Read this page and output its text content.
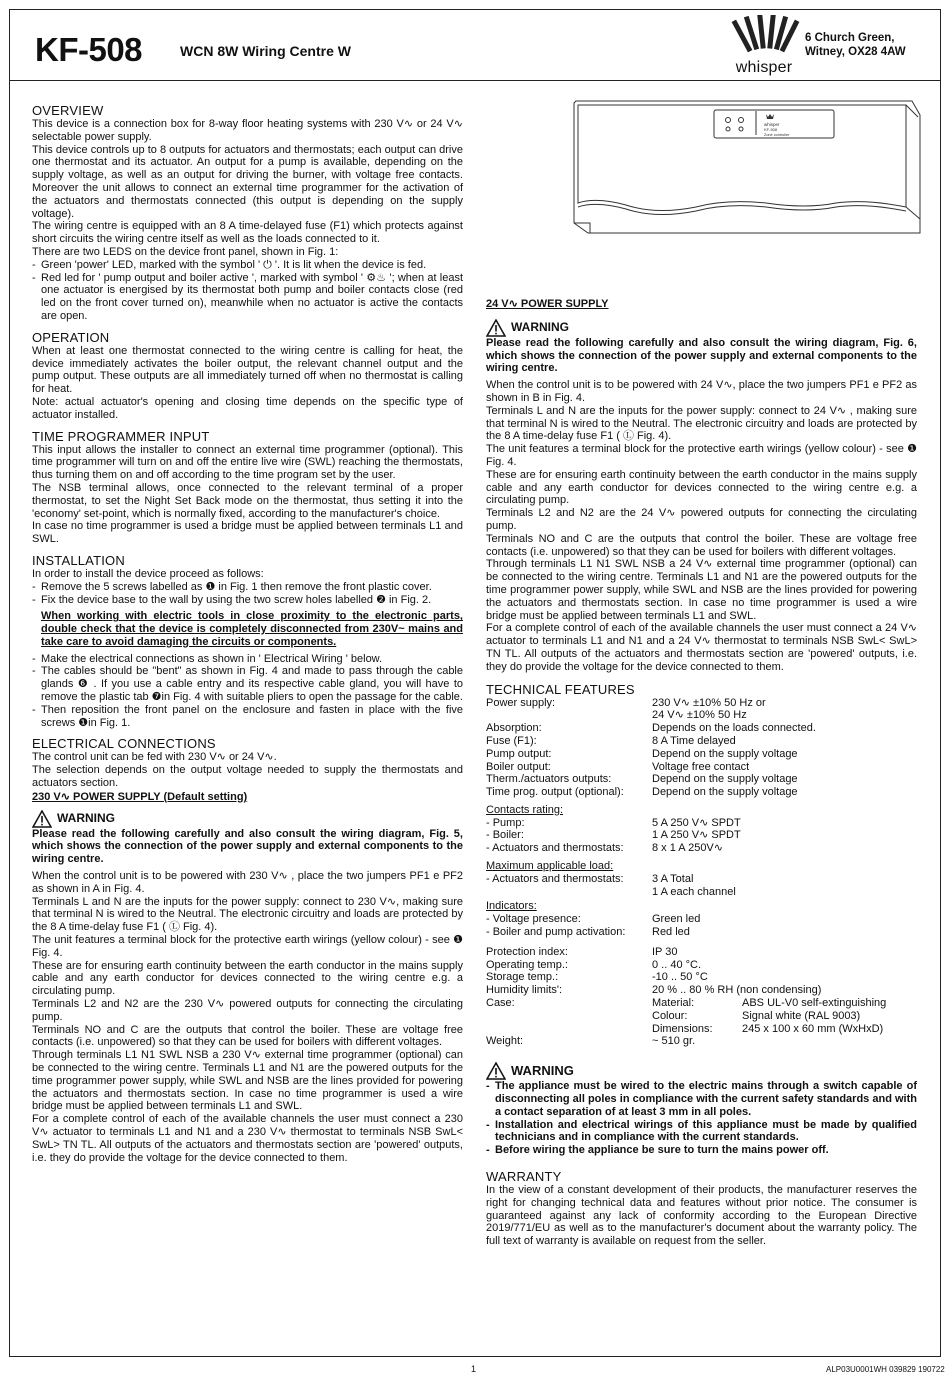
KF-508	WCN 8W Wiring Centre W
whisper
6 Church Green,
Witney, OX28 4AW
whisper
KF-508
Zone controller
OVERVIEW

This device is a connection box for 8-way floor heating systems with 230 V∿ or 24 V∿ selectable power supply.

This device controls up to 8 outputs for actuators and thermostats; each output can drive one thermostat and its actuator. An output for a pump is available, depending on the supply voltage, as well as an output for driving the burner, with voltage free contacts. Moreover the unit allows to connect an external time programmer for the activation of the actuators and thermostats connected (this output is depending on the supply voltage).

The wiring centre is equipped with an 8 A time-delayed fuse (F1) which protects against short circuits the wiring centre itself as well as the loads connected to it.

There are two LEDS on the device front panel, shown in Fig. 1:

- Green 'power' LED, marked with the symbol ' ⏻ '. It is lit when the device is fed.
- Red led for ' pump output and boiler active ', marked with symbol ' ⚙♨ '; when at least one actuator is energised by its thermostat both pump and boiler contacts close (red led on the front cover turned on), meanwhile when no actuator is active the contacts are open.
OPERATION

When at least one thermostat connected to the wiring centre is calling for heat, the device immediately activates the boiler output, the relevant channel output and the pump output. These outputs are all immediately turned off when no thermostat is calling for heat.

Note: actual actuator's opening and closing time depends on the specific type of actuator installed.

TIME PROGRAMMER INPUT

This input allows the installer to connect an external time programmer (optional). This time programmer will turn on and off the entire live wire (SWL) reaching the thermostats, thus turning them on and off according to the time program set by the user.

The NSB terminal allows, once connected to the relevant terminal of a proper thermostat, to set the Night Set Back mode on the thermostat, thus setting it into the 'economy' set-point, which is normally fixed, according to the manufacturer's choice.

In case no time programmer is used a bridge must be applied between terminals L1 and SWL.

INSTALLATION

In order to install the device proceed as follows:

- Remove the 5 screws labelled as ❶ in Fig. 1 then remove the front plastic cover.
- Fix the device base to the wall by using the two screw holes labelled ❷ in Fig. 2.

When working with electric tools in close proximity to the electronic parts, double check that the device is completely disconnected from 230V~ mains and take care to avoid damaging the circuits or components.

- Make the electrical connections as shown in ' Electrical Wiring ' below.
- The cables should be "bent" as shown in Fig. 4 and made to pass through the cable glands ❻ . If you use a cable entry and its respective cable gland, you will have to remove the plastic tab ❼in Fig. 4 with suitable pliers to open the passage for the cable.
- Then reposition the front panel on the enclosure and fasten in place with the five screws ❶in Fig. 1.
ELECTRICAL CONNECTIONS

The control unit can be fed with 230 V∿ or 24 V∿.

The selection depends on the output voltage needed to supply the thermostats and actuators section.

230 V∿ POWER SUPPLY (Default setting)

WARNING

Please read the following carefully and also consult the wiring diagram, Fig. 5, which shows the connection of the power supply and external components to the wiring centre.

When the control unit is to be powered with 230 V∿ , place the two jumpers PF1 e PF2 as shown in A in Fig. 4.

Terminals L and N are the inputs for the power supply: connect to 230 V∿, making sure that terminal N is wired to the Neutral. The electronic circuitry and loads are protected by the 8 A time-delay fuse F1 ( Ⓛ Fig. 4).

The unit features a terminal block for the protective earth wirings (yellow colour) - see ❶ Fig. 4.

These are for ensuring earth continuity between the earth conductor in the mains supply cable and any earth conductor for devices connected to the wiring centre e.g. a circulating pump.

Terminals L2 and N2 are the 230 V∿ powered outputs for connecting the circulating pump.

Terminals NO and C are the outputs that control the boiler. These are voltage free contacts (i.e. unpowered) so that they can be used for boilers with different voltages.

Through terminals L1 N1 SWL NSB a 230 V∿ external time programmer (optional) can be connected to the wiring centre. Terminals L1 and N1 are the powered outputs for the time programmer power supply, while SWL and NSB are the lines provided for powering the actuators and thermostats section. In case no time programmer is used a wire bridge must be applied between terminals L1 and SWL.

For a complete control of each of the available channels the user must connect a 230 V∿ actuator to terminals L1 and N1 and a 230 V∿ thermostat to terminals NSB SwL< SwL> TN TL. All outputs of the actuators and thermostats section are 'powered' outputs, i.e. they do provide the voltage for the device connected to them.

24 V∿ POWER SUPPLY

WARNING

Please read the following carefully and also consult the wiring diagram, Fig. 6, which shows the connection of the power supply and external components to the wiring centre.

When the control unit is to be powered with 24 V∿, place the two jumpers PF1 e PF2 as shown in B in Fig. 4.

Terminals L and N are the inputs for the power supply: connect to 24 V∿ , making sure that terminal N is wired to the Neutral. The electronic circuitry and loads are protected by the 8 A time-delay fuse F1 ( Ⓛ Fig. 4).

The unit features a terminal block for the protective earth wirings (yellow colour) - see ❶ Fig. 4.

These are for ensuring earth continuity between the earth conductor in the mains supply cable and any earth conductor for devices connected to the wiring centre e.g. a circulating pump.

Terminals L2 and N2 are the 24 V∿ powered outputs for connecting the circulating pump.

Terminals NO and C are the outputs that control the boiler. These are voltage free contacts (i.e. unpowered) so that they can be used for boilers with different voltages.

Through terminals L1 N1 SWL NSB a 24 V∿ external time programmer (optional) can be connected to the wiring centre. Terminals L1 and N1 are the powered outputs for the time programmer power supply, while SWL and NSB are the lines provided for powering the actuators and thermostats section. In case no time programmer is used a wire bridge must be applied between terminals L1 and SWL.

For a complete control of each of the available channels the user must connect a 24 V∿ actuator to terminals L1 and N1 and a 24 V∿ thermostat to terminals NSB SwL< SwL> TN TL. All outputs of the actuators and thermostats section are 'powered' outputs, i.e. they do provide the voltage for the device connected to them.

TECHNICAL FEATURES
Power supply:	230 V∿ ±10% 50 Hz or
	24 V∿ ±10% 50 Hz
Absorption:	Depends on the loads connected.
Fuse (F1):	8 A Time delayed
Pump output:	Depend on the supply voltage
Boiler output:	Voltage free contact
Therm./actuators outputs:	Depend on the supply voltage
Time prog. output (optional):	Depend on the supply voltage
Contacts rating:
- Pump:	5 A 250 V∿ SPDT
- Boiler:	1 A 250 V∿ SPDT
- Actuators and thermostats:	8 x 1 A 250V∿
Maximum applicable load:
- Actuators and thermostats:	3 A Total
	1 A each channel
Indicators:
- Voltage presence:	Green led
- Boiler and pump activation:	Red led
Protection index:	IP 30
Operating temp.:	0 .. 40 °C.
Storage temp.:	-10 .. 50 °C
Humidity limits':	20 % .. 80 % RH (non condensing)
Case:	Material:	ABS UL-V0 self-extinguishing
	Colour:	Signal white (RAL 9003)
	Dimensions:	245 x 100 x 60 mm (WxHxD)
Weight:	~ 510 gr.
WARNING
- The appliance must be wired to the electric mains through a switch capable of disconnecting all poles in compliance with the current safety standards and with a contact separation of at least 3 mm in all poles.
- Installation and electrical wirings of this appliance must be made by qualified technicians and in compliance with the current standards.
- Before wiring the appliance be sure to turn the mains power off.
WARRANTY

In the view of a constant development of their products, the manufacturer reserves the right for changing technical data and features without prior notice. The consumer is guaranteed against any lack of conformity according to the European Directive 2019/771/EU as well as to the manufacturer's document about the warranty policy. The full text of warranty is available on request from the seller.

1	ALP03U0001WH 039829 190722
